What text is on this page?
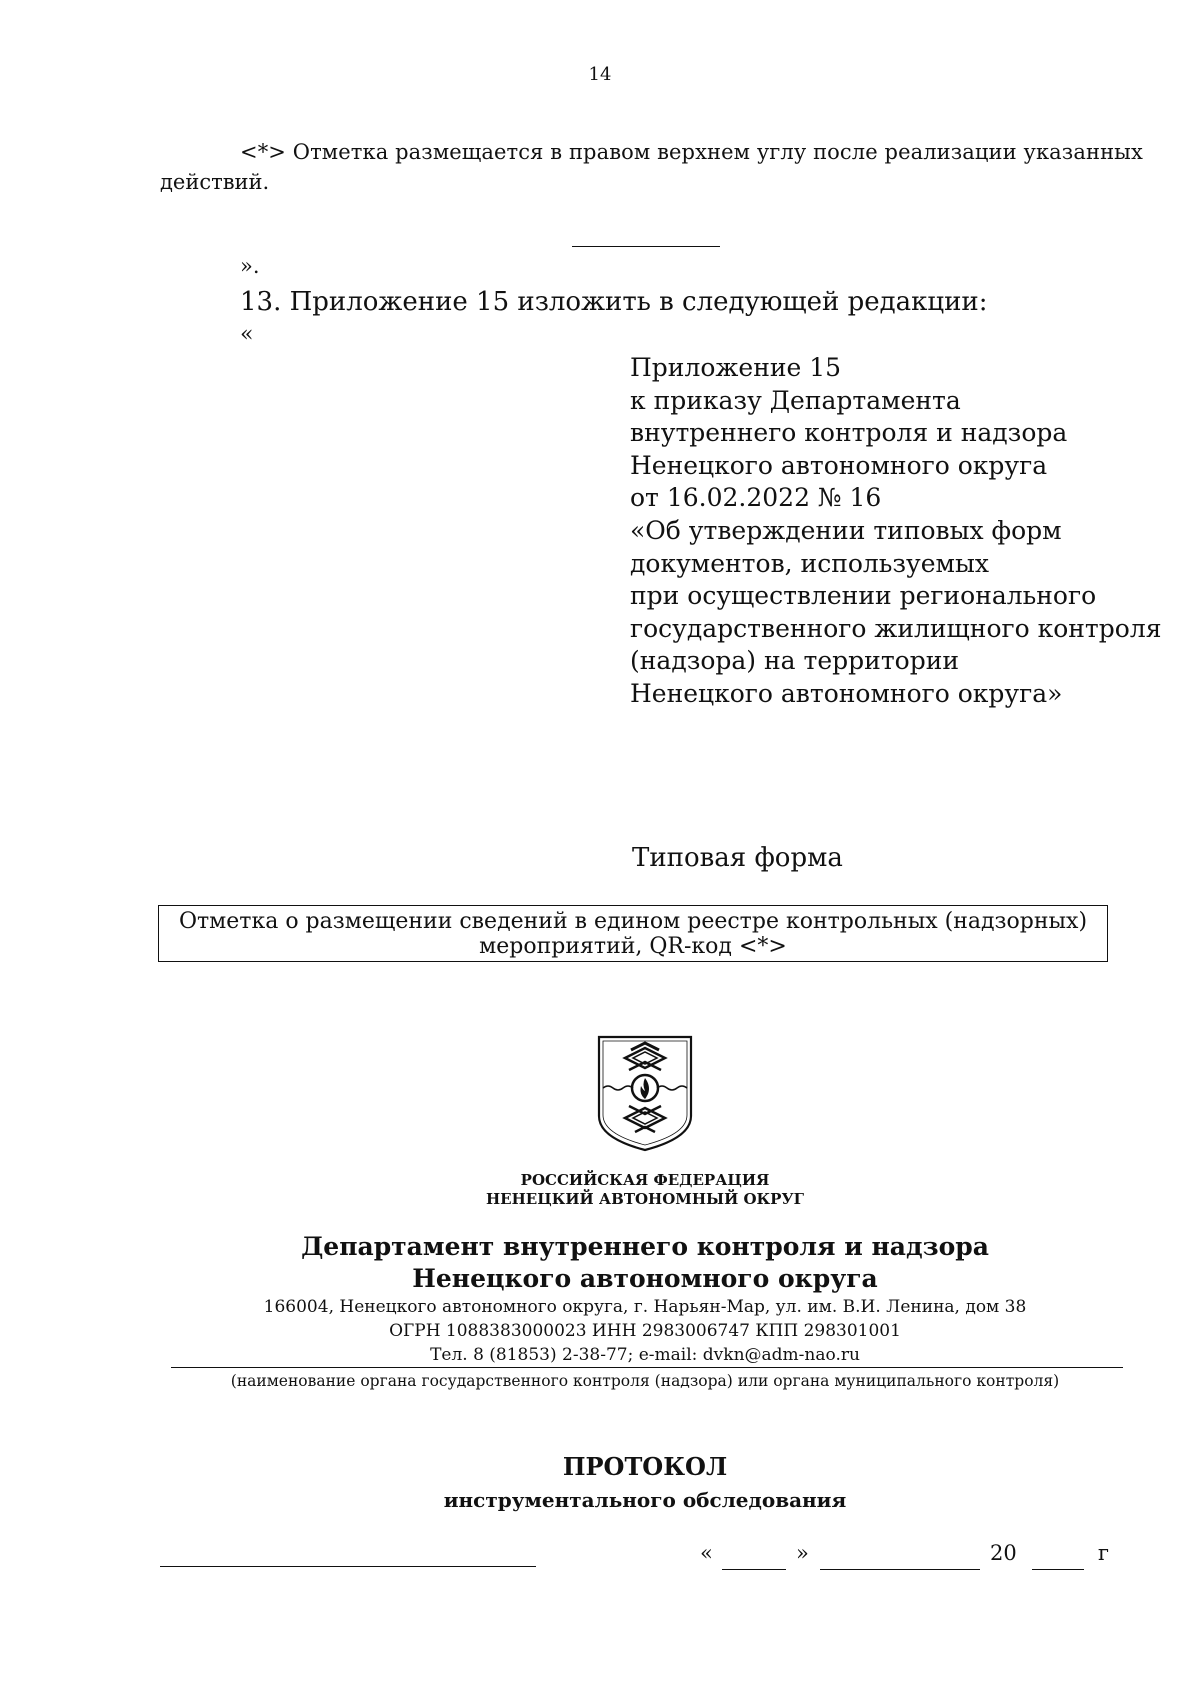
14
<*> Отметка размещается в правом верхнем углу после реализации указанных
действий.
».
13. Приложение 15 изложить в следующей редакции:
«
Приложение 15
к приказу Департамента
внутреннего контроля и надзора
Ненецкого автономного округа
от 16.02.2022 № 16
«Об утверждении типовых форм
документов, используемых
при осуществлении регионального
государственного жилищного контроля
(надзора) на территории
Ненецкого автономного округа»
Типовая форма
Отметка о размещении сведений в едином реестре контрольных (надзорных)
мероприятий, QR-код <*>
РОССИЙСКАЯ ФЕДЕРАЦИЯ
НЕНЕЦКИЙ АВТОНОМНЫЙ ОКРУГ
Департамент внутреннего контроля и надзора
Ненецкого автономного округа
166004, Ненецкого автономного округа, г. Нарьян-Мар, ул. им. В.И. Ленина, дом 38
ОГРН 1088383000023 ИНН 2983006747 КПП 298301001
Тел. 8 (81853) 2-38-77; e-mail: dvkn@adm-nao.ru
(наименование органа государственного контроля (надзора) или органа муниципального контроля)
ПРОТОКОЛ
инструментального обследования
«	»	20	г
